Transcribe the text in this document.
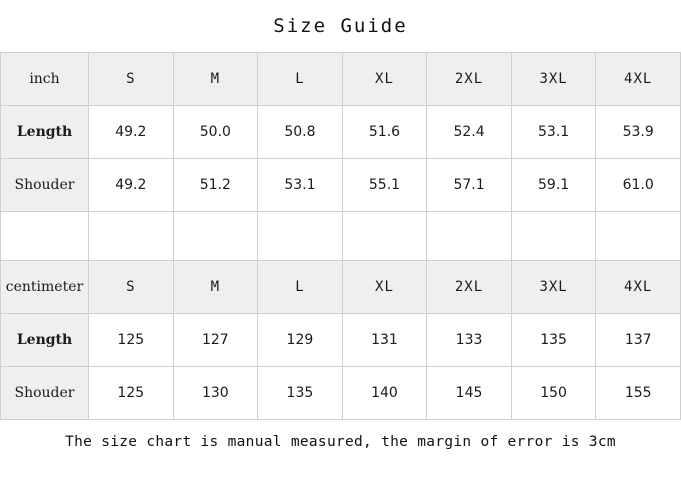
Size Guide
inch	S	M	L	XL	2XL	3XL	4XL
Length	49.2	50.0	50.8	51.6	52.4	53.1	53.9
Shouder	49.2	51.2	53.1	55.1	57.1	59.1	61.0

centimeter	S	M	L	XL	2XL	3XL	4XL
Length	125	127	129	131	133	135	137
Shouder	125	130	135	140	145	150	155
The size chart is manual measured, the margin of error is 3cm
